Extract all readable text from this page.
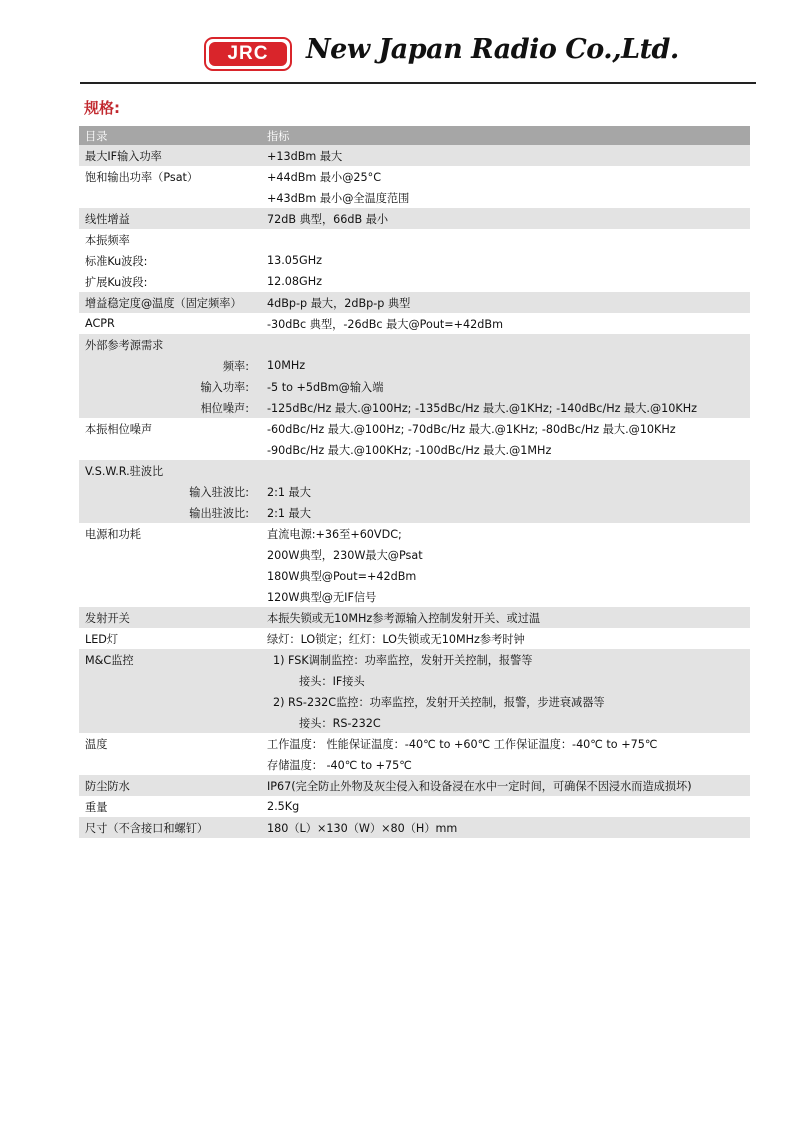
JRC	New Japan Radio Co.,Ltd.
规格:
目录	指标
最大IF输入功率	+13dBm 最大
饱和输出功率（Psat）	+44dBm 最小@25°C
	+43dBm 最小@全温度范围
线性增益	72dB 典型，66dB 最小
本振频率	
标准Ku波段:	13.05GHz
扩展Ku波段:	12.08GHz
增益稳定度@温度（固定频率）	4dBp-p 最大，2dBp-p 典型
ACPR	-30dBc 典型，-26dBc 最大@Pout=+42dBm
外部参考源需求	
频率:	10MHz
输入功率:	-5 to +5dBm@输入端
相位噪声:	-125dBc/Hz 最大.@100Hz; -135dBc/Hz 最大.@1KHz; -140dBc/Hz 最大.@10KHz
本振相位噪声	-60dBc/Hz 最大.@100Hz; -70dBc/Hz 最大.@1KHz; -80dBc/Hz 最大.@10KHz
	-90dBc/Hz 最大.@100KHz; -100dBc/Hz 最大.@1MHz
V.S.W.R.驻波比	
输入驻波比:	2:1 最大
输出驻波比:	2:1 最大
电源和功耗	直流电源:+36至+60VDC;
	200W典型，230W最大@Psat
	180W典型@Pout=+42dBm
	120W典型@无IF信号
发射开关	本振失锁或无10MHz参考源输入控制发射开关、或过温
LED灯	绿灯：LO锁定；红灯：LO失锁或无10MHz参考时钟
M&C监控	1) FSK调制监控：功率监控，发射开关控制，报警等
	接头：IF接头
	2) RS-232C监控：功率监控，发射开关控制，报警，步进衰减器等
	接头：RS-232C
温度	工作温度： 性能保证温度：-40℃ to +60℃ 工作保证温度：-40℃ to +75℃
	存储温度： -40℃ to +75℃
防尘防水	IP67(完全防止外物及灰尘侵入和设备浸在水中一定时间，可确保不因浸水而造成损坏)
重量	2.5Kg
尺寸（不含接口和螺钉）	180（L）×130（W）×80（H）mm
